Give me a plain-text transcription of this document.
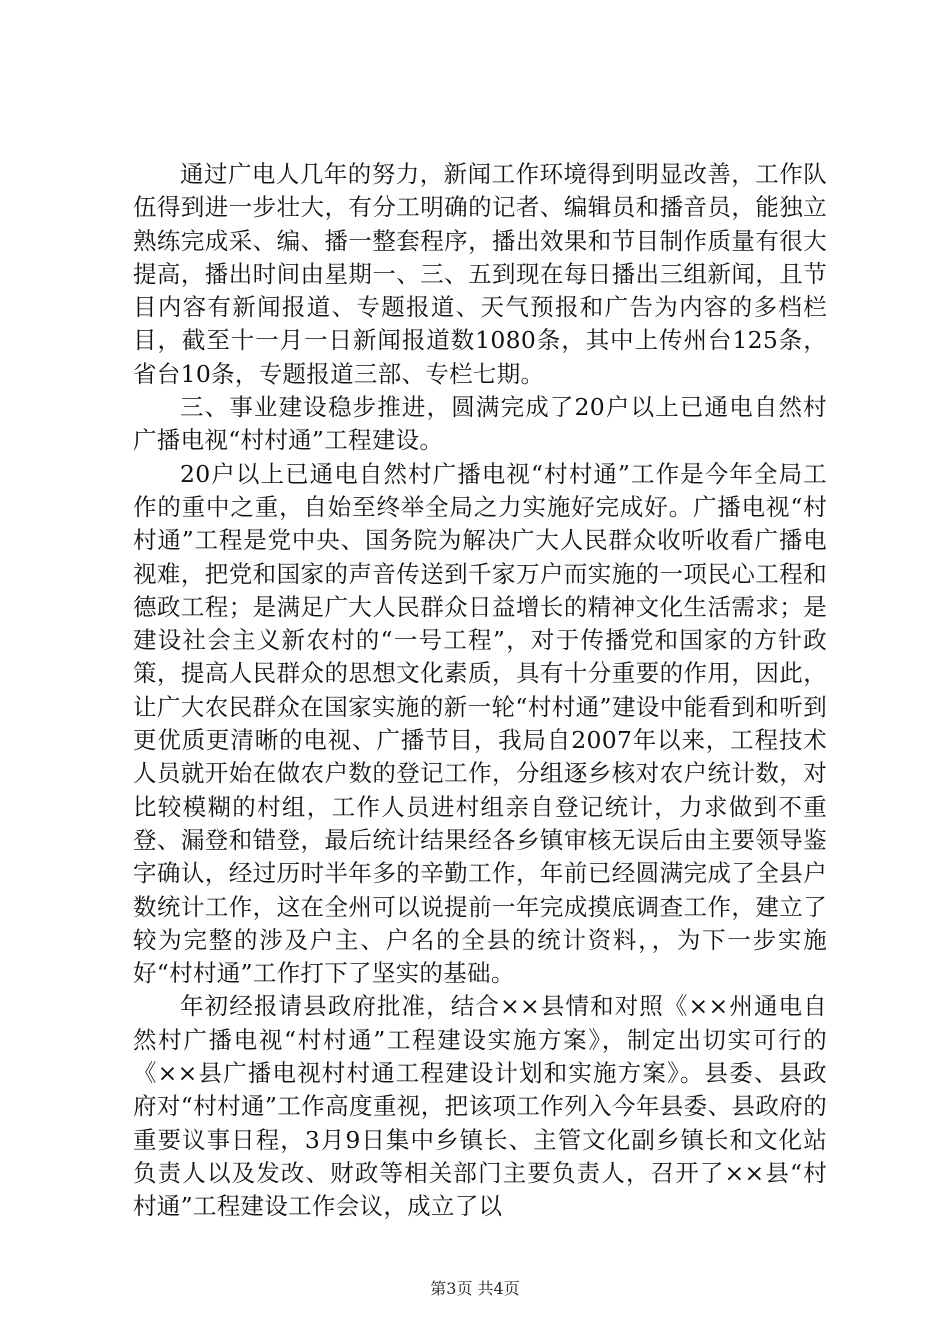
通过广电人几年的努力，新闻工作环境得到明显改善，工作队伍得到进一步壮大，有分工明确的记者、编辑员和播音员，能独立熟练完成采、编、播一整套程序，播出效果和节目制作质量有很大提高，播出时间由星期一、三、五到现在每日播出三组新闻，且节目内容有新闻报道、专题报道、天气预报和广告为内容的多档栏目，截至十一月一日新闻报道数1080条，其中上传州台125条，省台10条，专题报道三部、专栏七期。

三、事业建设稳步推进，圆满完成了20户以上已通电自然村广播电视“村村通”工程建设。

20户以上已通电自然村广播电视“村村通”工作是今年全局工作的重中之重，自始至终举全局之力实施好完成好。广播电视“村村通”工程是党中央、国务院为解决广大人民群众收听收看广播电视难，把党和国家的声音传送到千家万户而实施的一项民心工程和德政工程；是满足广大人民群众日益增长的精神文化生活需求；是建设社会主义新农村的“一号工程”，对于传播党和国家的方针政策，提高人民群众的思想文化素质，具有十分重要的作用，因此，让广大农民群众在国家实施的新一轮“村村通”建设中能看到和听到更优质更清晰的电视、广播节目，我局自2007年以来，工程技术人员就开始在做农户数的登记工作，分组逐乡核对农户统计数，对比较模糊的村组，工作人员进村组亲自登记统计，力求做到不重登、漏登和错登，最后统计结果经各乡镇审核无误后由主要领导鉴字确认，经过历时半年多的辛勤工作，年前已经圆满完成了全县户数统计工作，这在全州可以说提前一年完成摸底调查工作，建立了较为完整的涉及户主、户名的全县的统计资料，，为下一步实施好“村村通”工作打下了坚实的基础。

年初经报请县政府批准，结合××县情和对照《××州通电自然村广播电视“村村通”工程建设实施方案》，制定出切实可行的《××县广播电视村村通工程建设计划和实施方案》。县委、县政府对“村村通”工作高度重视，把该项工作列入今年县委、县政府的重要议事日程，3月9日集中乡镇长、主管文化副乡镇长和文化站负责人以及发改、财政等相关部门主要负责人，召开了××县“村村通”工程建设工作会议，成立了以

第3页 共4页
